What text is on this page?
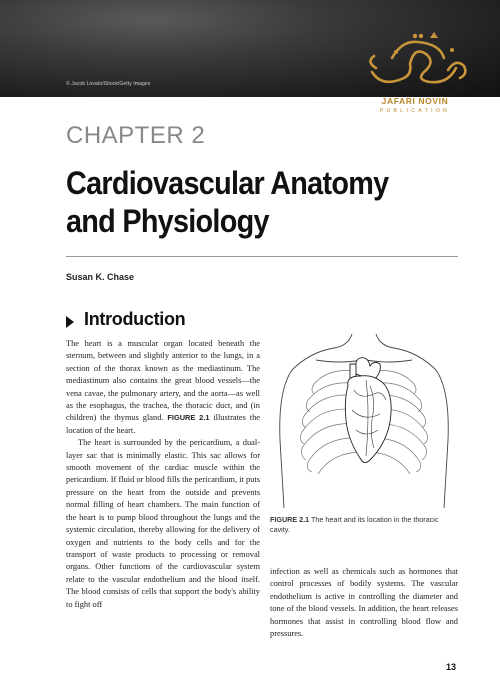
© Jacob Lovato/iStock/Getty Images
JAFARI NOVIN
PUBLICATION
CHAPTER 2
Cardiovascular Anatomy
and Physiology
Susan K. Chase
Introduction

The heart is a muscular organ located beneath the sternum, between and slightly anterior to the lungs, in a section of the thorax known as the mediastinum. The mediastinum also contains the great blood vessels—the vena cavae, the pulmonary artery, and the aorta—as well as the esophagus, the trachea, the thoracic duct, and (in children) the thymus gland. FIGURE 2.1 illustrates the location of the heart.

The heart is surrounded by the pericardium, a dual-layer sac that is minimally elastic. This sac allows for smooth movement of the cardiac muscle within the pericardium. If fluid or blood fills the pericardium, it puts pressure on the heart from the outside and prevents normal filling of heart chambers. The main function of the heart is to pump blood throughout the lungs and the systemic circulation, thereby allowing for the delivery of oxygen and nutrients to the body cells and for the transport of waste products to processing or removal organs. Other functions of the cardiovascular system relate to the vascular endothelium and the blood itself. The blood consists of cells that support the body's ability to fight off

FIGURE 2.1 The heart and its location in the thoracic cavity.

infection as well as chemicals such as hormones that control processes of bodily systems. The vascular endothelium is active in controlling the diameter and tone of the blood vessels. In addition, the heart releases hormones that assist in controlling blood flow and pressures.

13
